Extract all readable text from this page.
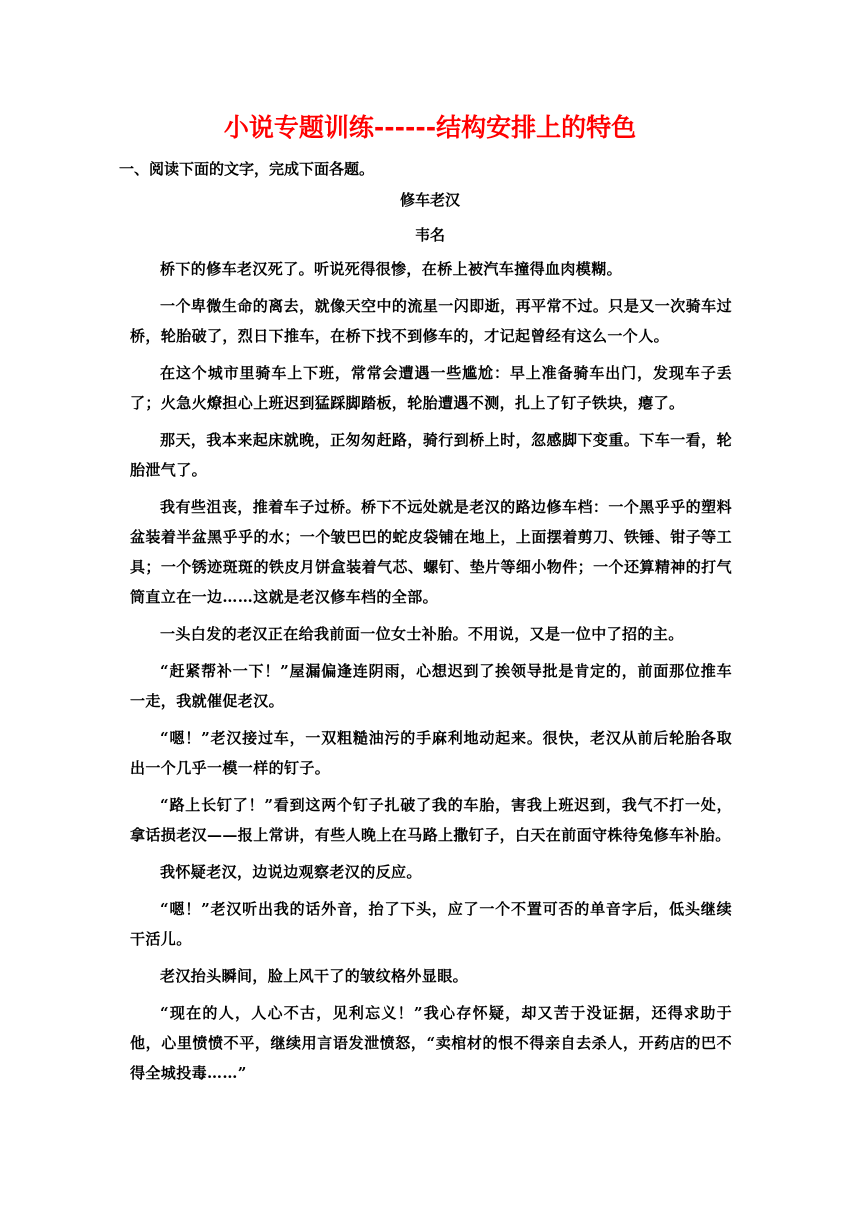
小说专题训练------结构安排上的特色
一、阅读下面的文字，完成下面各题。
修车老汉
韦名

桥下的修车老汉死了。听说死得很惨，在桥上被汽车撞得血肉模糊。

一个卑微生命的离去，就像天空中的流星一闪即逝，再平常不过。只是又一次骑车过桥，轮胎破了，烈日下推车，在桥下找不到修车的，才记起曾经有这么一个人。

在这个城市里骑车上下班，常常会遭遇一些尴尬：早上准备骑车出门，发现车子丢了；火急火燎担心上班迟到猛踩脚踏板，轮胎遭遇不测，扎上了钉子铁块，瘪了。

那天，我本来起床就晚，正匆匆赶路，骑行到桥上时，忽感脚下变重。下车一看，轮胎泄气了。

我有些沮丧，推着车子过桥。桥下不远处就是老汉的路边修车档：一个黑乎乎的塑料盆装着半盆黑乎乎的水；一个皱巴巴的蛇皮袋铺在地上，上面摆着剪刀、铁锤、钳子等工具；一个锈迹斑斑的铁皮月饼盒装着气芯、螺钉、垫片等细小物件；一个还算精神的打气筒直立在一边……这就是老汉修车档的全部。

一头白发的老汉正在给我前面一位女士补胎。不用说，又是一位中了招的主。

“赶紧帮补一下！”屋漏偏逢连阴雨，心想迟到了挨领导批是肯定的，前面那位推车一走，我就催促老汉。

“嗯！”老汉接过车，一双粗糙油污的手麻利地动起来。很快，老汉从前后轮胎各取出一个几乎一模一样的钉子。

“路上长钉了！”看到这两个钉子扎破了我的车胎，害我上班迟到，我气不打一处，拿话损老汉——报上常讲，有些人晚上在马路上撒钉子，白天在前面守株待兔修车补胎。

我怀疑老汉，边说边观察老汉的反应。

“嗯！”老汉听出我的话外音，抬了下头，应了一个不置可否的单音字后，低头继续干活儿。

老汉抬头瞬间，脸上风干了的皱纹格外显眼。

“现在的人，人心不古，见利忘义！”我心存怀疑，却又苦于没证据，还得求助于他，心里愤愤不平，继续用言语发泄愤怒，“卖棺材的恨不得亲自去杀人，开药店的巴不得全城投毒……”
